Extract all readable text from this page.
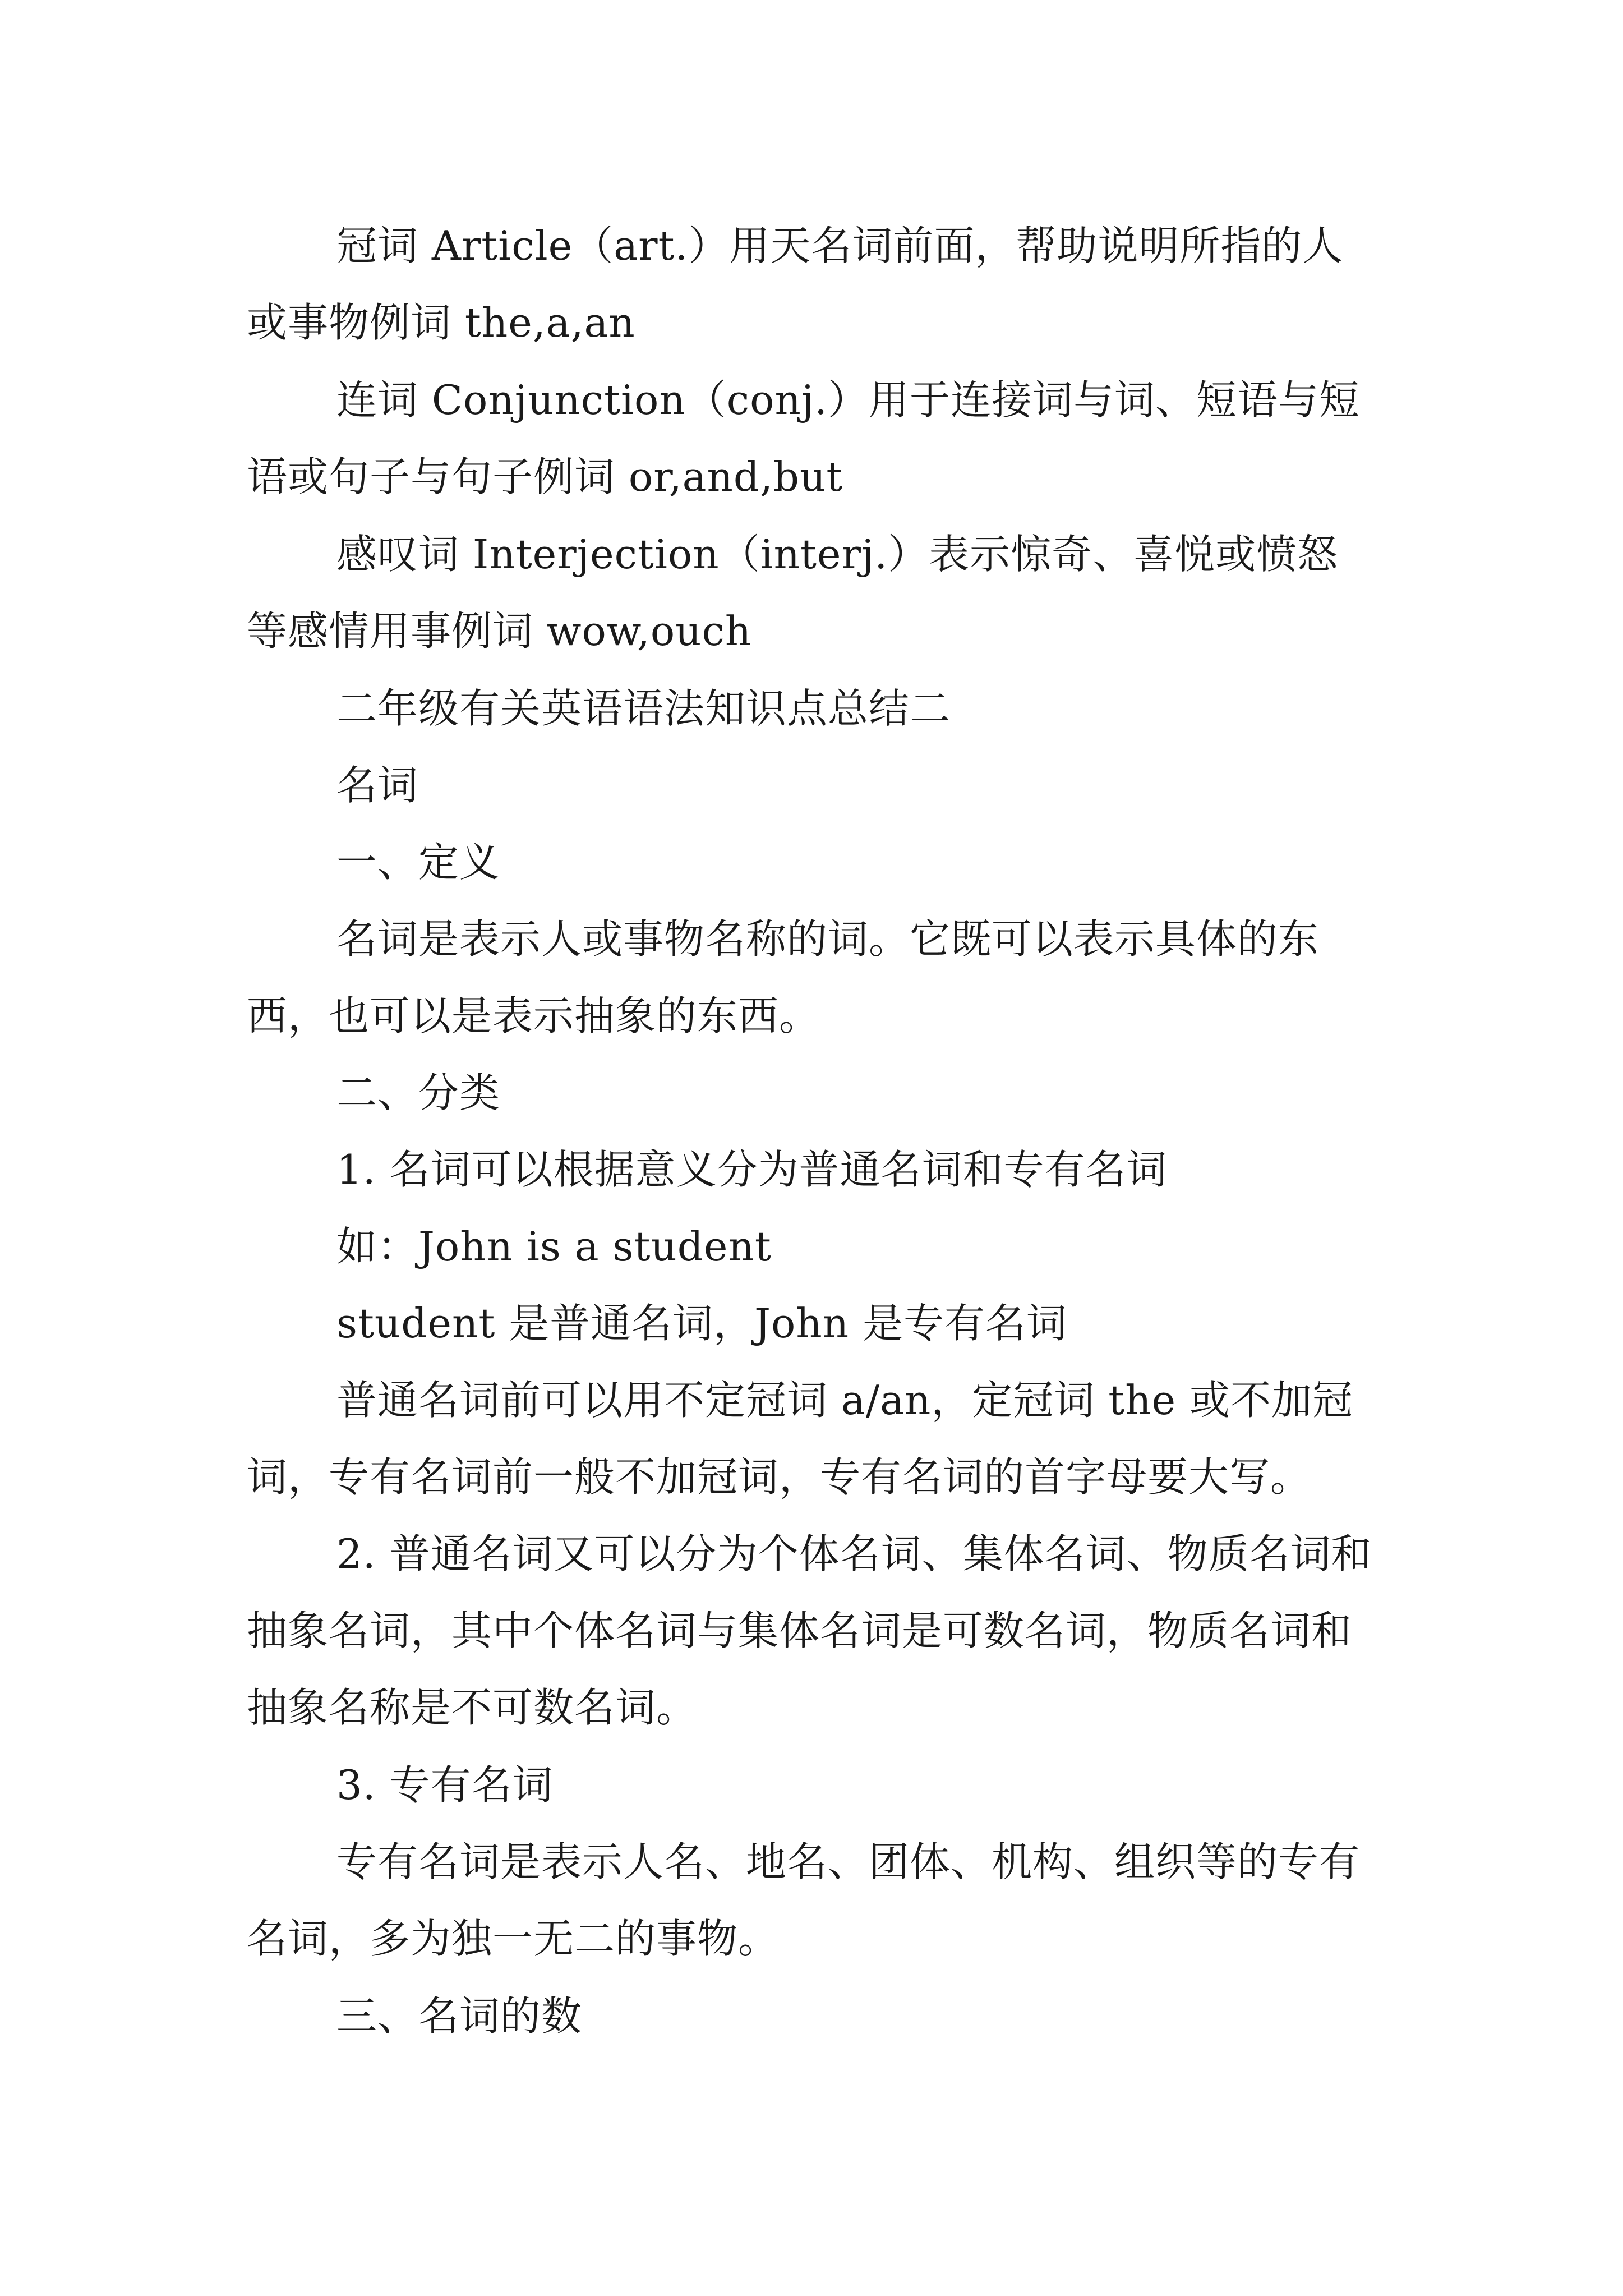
冠词 Article（art.）用天名词前面，帮助说明所指的人或事物例词 the,a,an

连词 Conjunction（conj.）用于连接词与词、短语与短语或句子与句子例词 or,and,but

感叹词 Interjection（interj.）表示惊奇、喜悦或愤怒等感情用事例词 wow,ouch

二年级有关英语语法知识点总结二

名词

一、定义

名词是表示人或事物名称的词。它既可以表示具体的东西，也可以是表示抽象的东西。

二、分类

1. 名词可以根据意义分为普通名词和专有名词

如：John is a student

student 是普通名词，John 是专有名词

普通名词前可以用不定冠词 a/an，定冠词 the 或不加冠词，专有名词前一般不加冠词，专有名词的首字母要大写。

2. 普通名词又可以分为个体名词、集体名词、物质名词和抽象名词，其中个体名词与集体名词是可数名词，物质名词和抽象名称是不可数名词。

3. 专有名词

专有名词是表示人名、地名、团体、机构、组织等的专有名词，多为独一无二的事物。

三、名词的数
